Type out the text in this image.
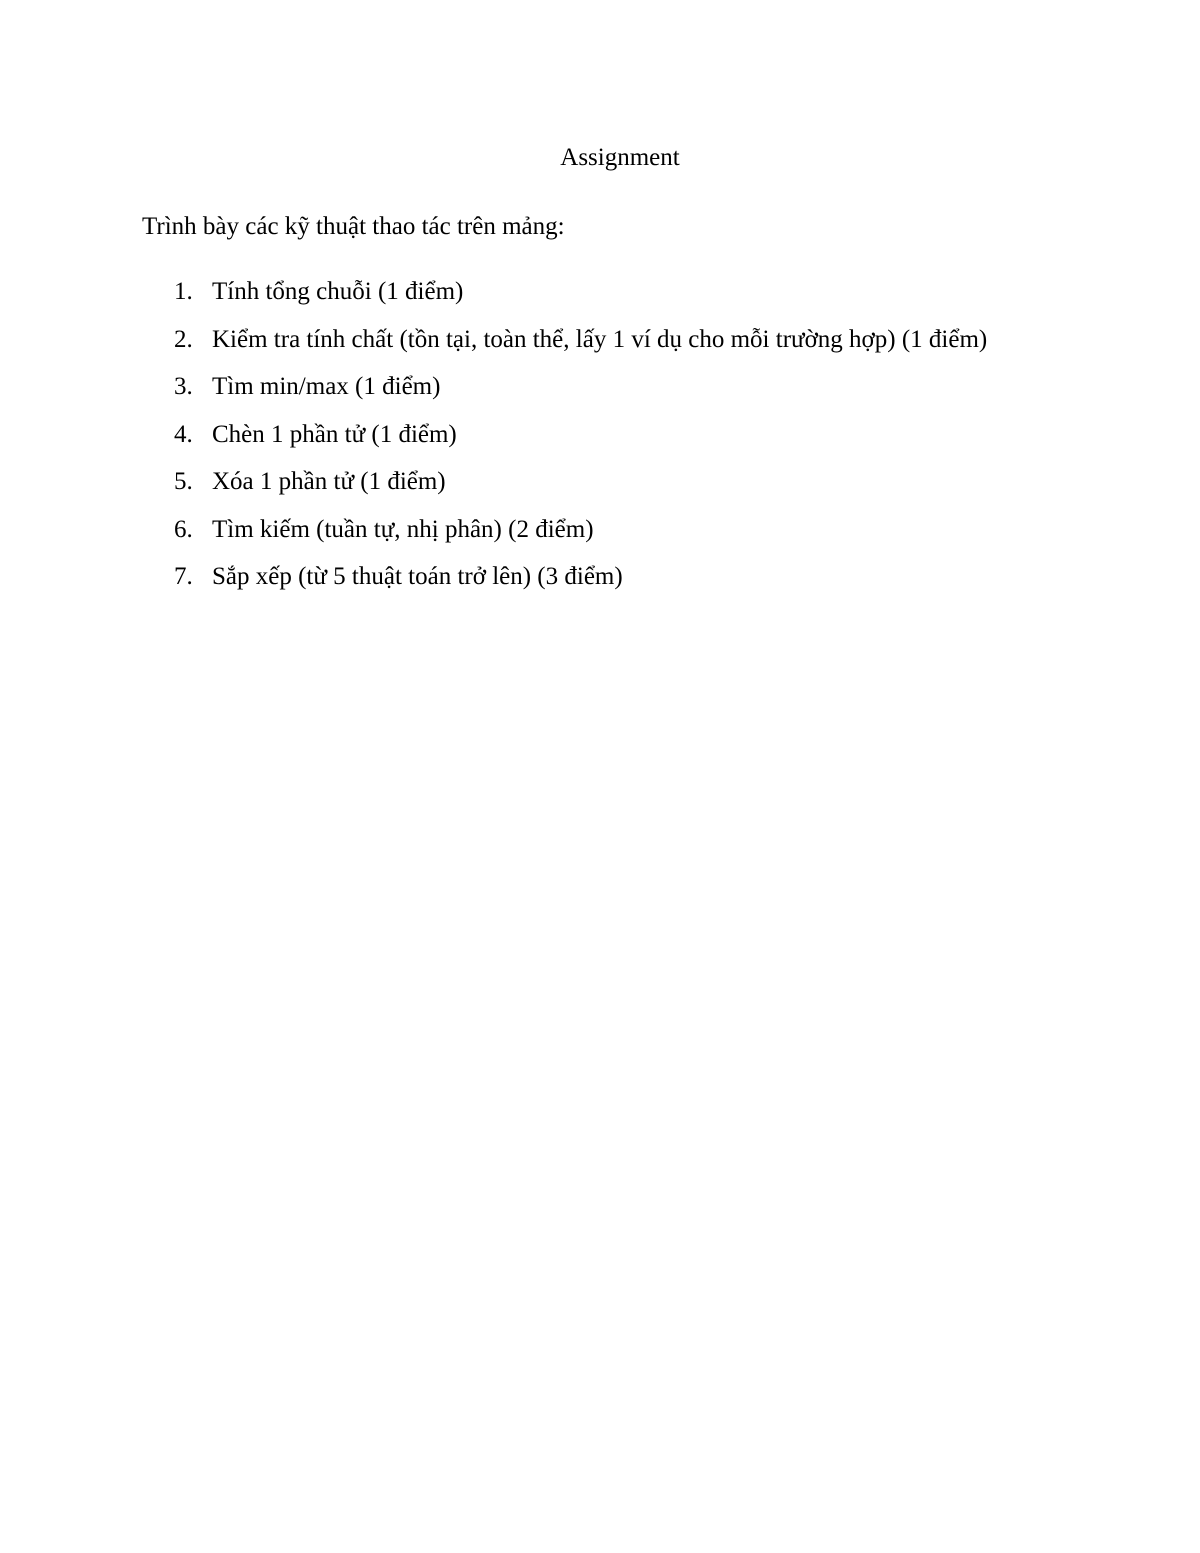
Assignment
Trình bày các kỹ thuật thao tác trên mảng:
1. Tính tổng chuỗi (1 điểm)
2. Kiểm tra tính chất (tồn tại, toàn thể, lấy 1 ví dụ cho mỗi trường hợp) (1 điểm)
3. Tìm min/max (1 điểm)
4. Chèn 1 phần tử (1 điểm)
5. Xóa 1 phần tử (1 điểm)
6. Tìm kiếm (tuần tự, nhị phân) (2 điểm)
7. Sắp xếp (từ 5 thuật toán trở lên) (3 điểm)
